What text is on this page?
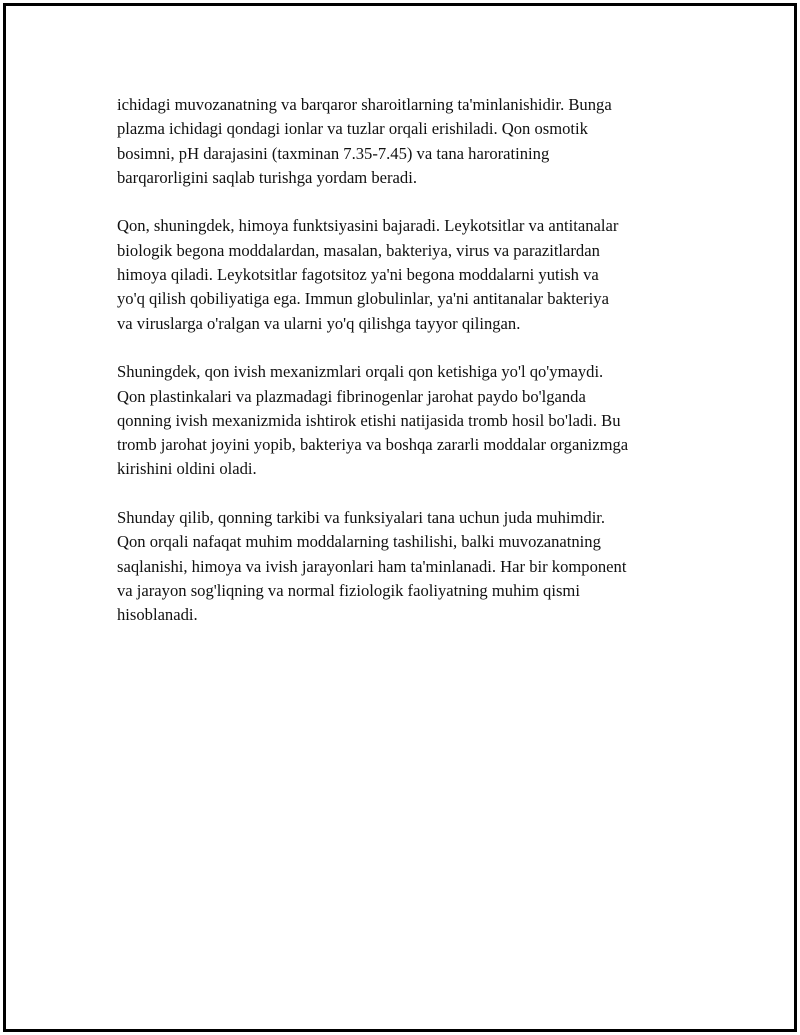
ichidagi muvozanatning va barqaror sharoitlarning ta'minlanishidir. Bunga
plazma ichidagi qondagi ionlar va tuzlar orqali erishiladi. Qon osmotik
bosimni, pH darajasini (taxminan 7.35-7.45) va tana haroratining
barqarorligini saqlab turishga yordam beradi.

Qon, shuningdek, himoya funktsiyasini bajaradi. Leykotsitlar va antitanalar
biologik begona moddalardan, masalan, bakteriya, virus va parazitlardan
himoya qiladi. Leykotsitlar fagotsitoz ya'ni begona moddalarni yutish va
yo'q qilish qobiliyatiga ega. Immun globulinlar, ya'ni antitanalar bakteriya
va viruslarga o'ralgan va ularni yo'q qilishga tayyor qilingan.

Shuningdek, qon ivish mexanizmlari orqali qon ketishiga yo'l qo'ymaydi.
Qon plastinkalari va plazmadagi fibrinogenlar jarohat paydo bo'lganda
qonning ivish mexanizmida ishtirok etishi natijasida tromb hosil bo'ladi. Bu
tromb jarohat joyini yopib, bakteriya va boshqa zararli moddalar organizmga
kirishini oldini oladi.

Shunday qilib, qonning tarkibi va funksiyalari tana uchun juda muhimdir.
Qon orqali nafaqat muhim moddalarning tashilishi, balki muvozanatning
saqlanishi, himoya va ivish jarayonlari ham ta'minlanadi. Har bir komponent
va jarayon sog'liqning va normal fiziologik faoliyatning muhim qismi
hisoblanadi.
